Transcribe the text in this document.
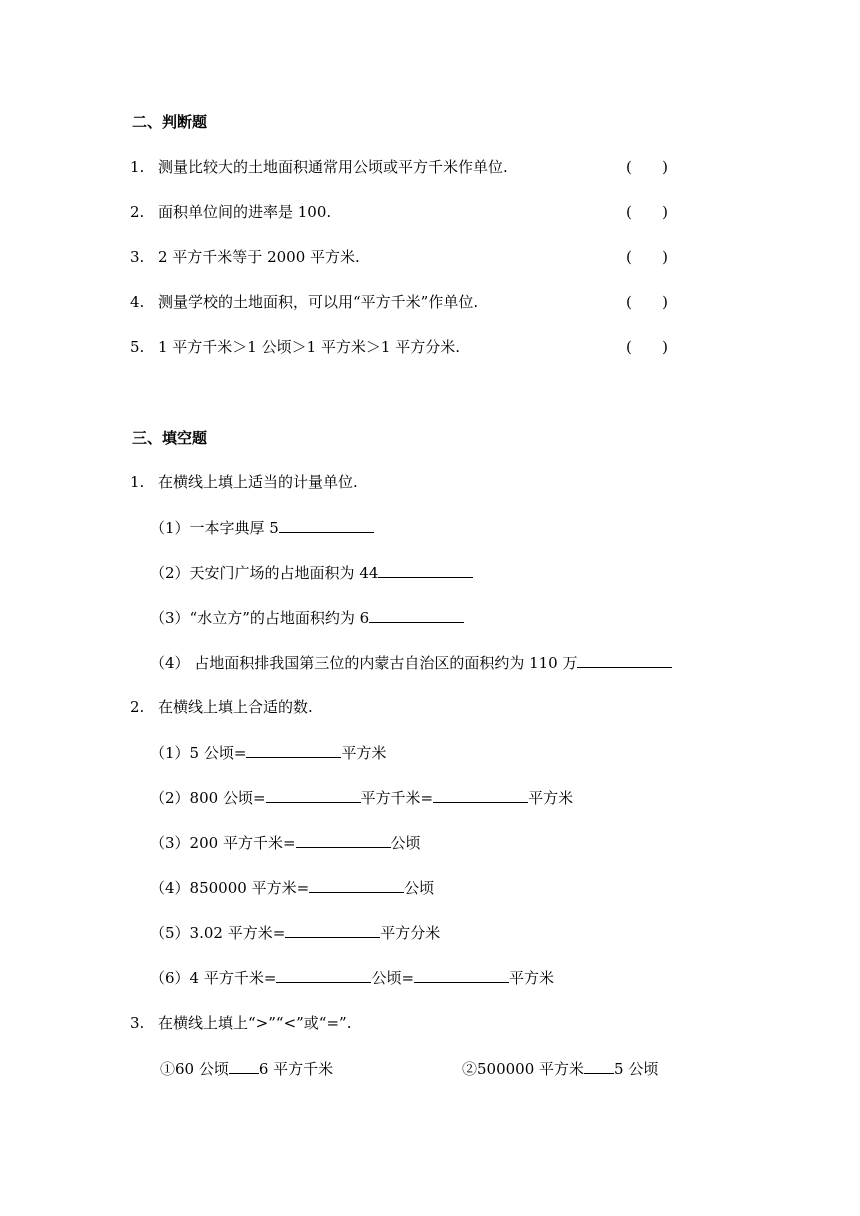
二、判断题
1. 测量比较大的土地面积通常用公顷或平方千米作单位.	( )
2. 面积单位间的进率是 100.	( )
3. 2 平方千米等于 2000 平方米.	( )
4. 测量学校的土地面积，可以用“平方千米”作单位.	( )
5. 1 平方千米＞1 公顷＞1 平方米＞1 平方分米.	( )
三、填空题
1. 在横线上填上适当的计量单位.
（1）一本字典厚 5
（2）天安门广场的占地面积为 44
（3）“水立方”的占地面积约为 6
（4） 占地面积排我国第三位的内蒙古自治区的面积约为 110 万
2. 在横线上填上合适的数.
（1）5 公顷=	平方米
（2）800 公顷=	平方千米=	平方米
（3）200 平方千米=	公顷
（4）850000 平方米=	公顷
（5）3.02 平方米=	平方分米
（6）4 平方千米=	公顷=	平方米
3. 在横线上填上“>”“<”或“=”.
①60 公顷 6 平方千米	②500000 平方米 5 公顷
